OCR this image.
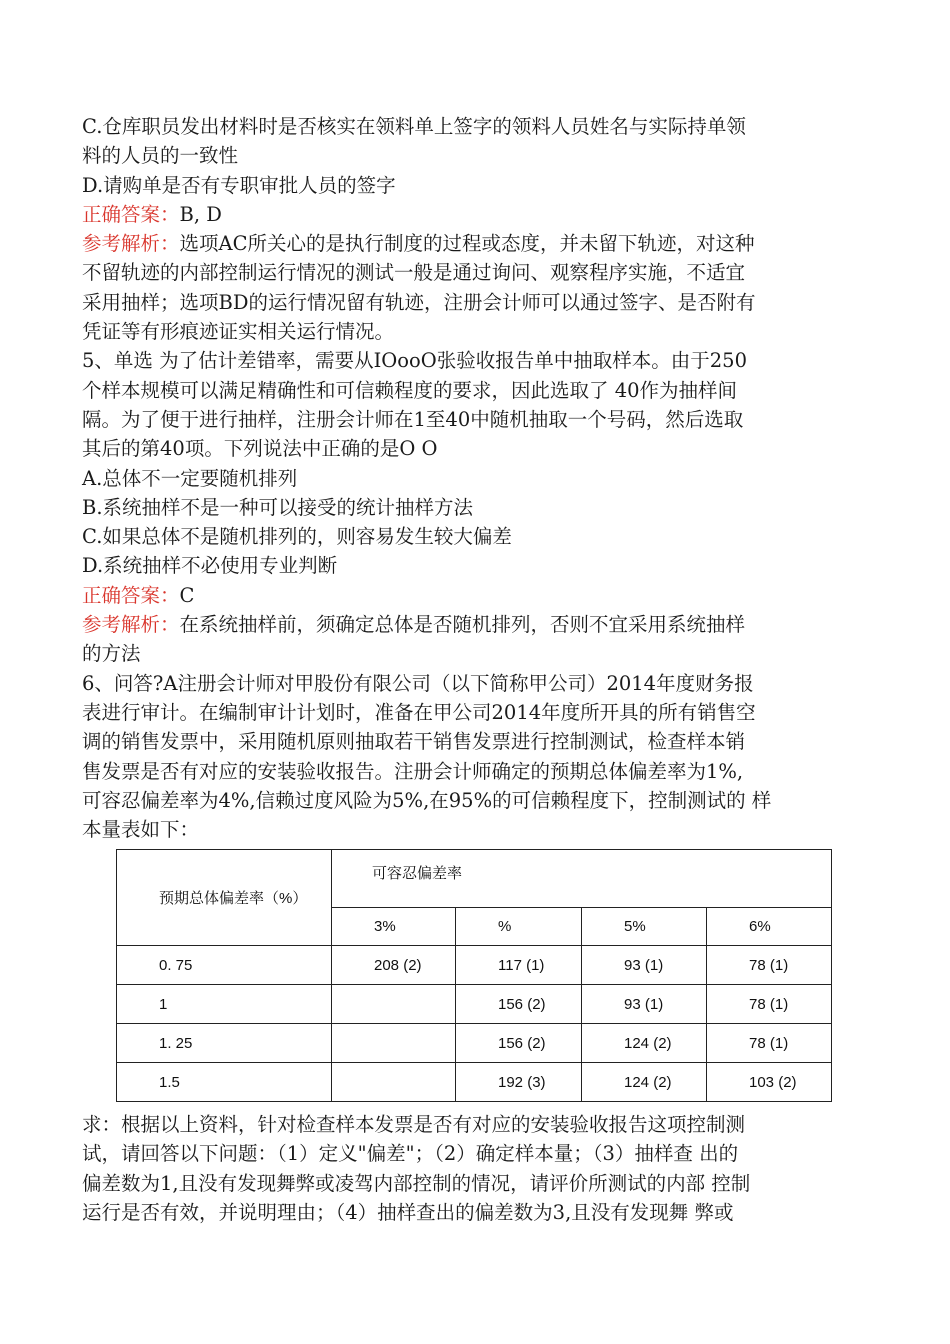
C.仓库职员发出材料时是否核实在领料单上签字的领料人员姓名与实际持单领
料的人员的一致性
D.请购单是否有专职审批人员的签字
正确答案：B, D
参考解析：选项AC所关心的是执行制度的过程或态度，并未留下轨迹，对这种
不留轨迹的内部控制运行情况的测试一般是通过询问、观察程序实施，不适宜
采用抽样；选项BD的运行情况留有轨迹，注册会计师可以通过签字、是否附有
凭证等有形痕迹证实相关运行情况。
5、单选 为了估计差错率，需要从IOooO张验收报告单中抽取样本。由于250
个样本规模可以满足精确性和可信赖程度的要求，因此选取了 40作为抽样间
隔。为了便于进行抽样，注册会计师在1至40中随机抽取一个号码，然后选取
其后的第40项。下列说法中正确的是O O
A.总体不一定要随机排列
B.系统抽样不是一种可以接受的统计抽样方法
C.如果总体不是随机排列的，则容易发生较大偏差
D.系统抽样不必使用专业判断
正确答案：C
参考解析：在系统抽样前，须确定总体是否随机排列，否则不宜采用系统抽样
的方法
6、问答?A注册会计师对甲股份有限公司（以下简称甲公司）2014年度财务报
表进行审计。在编制审计计划时，准备在甲公司2014年度所开具的所有销售空
调的销售发票中，采用随机原则抽取若干销售发票进行控制测试，检查样本销
售发票是否有对应的安装验收报告。注册会计师确定的预期总体偏差率为1%,
可容忍偏差率为4%,信赖过度风险为5%,在95%的可信赖程度下，控制测试的 样
本量表如下：
预期总体偏差率（%）	可容忍偏差率			
	3%	%	5%	6%
0. 75	208 (2)	117 (1)	93 (1)	78 (1)
1		156 (2)	93 (1)	78 (1)
1. 25		156 (2)	124 (2)	78 (1)
1.5		192 (3)	124 (2)	103 (2)
求：根据以上资料，针对检查样本发票是否有对应的安装验收报告这项控制测
试，请回答以下问题：（1）定义"偏差"；（2）确定样本量；（3）抽样查 出的
偏差数为1,且没有发现舞弊或凌驾内部控制的情况，请评价所测试的内部 控制
运行是否有效，并说明理由；（4）抽样查出的偏差数为3,且没有发现舞 弊或
